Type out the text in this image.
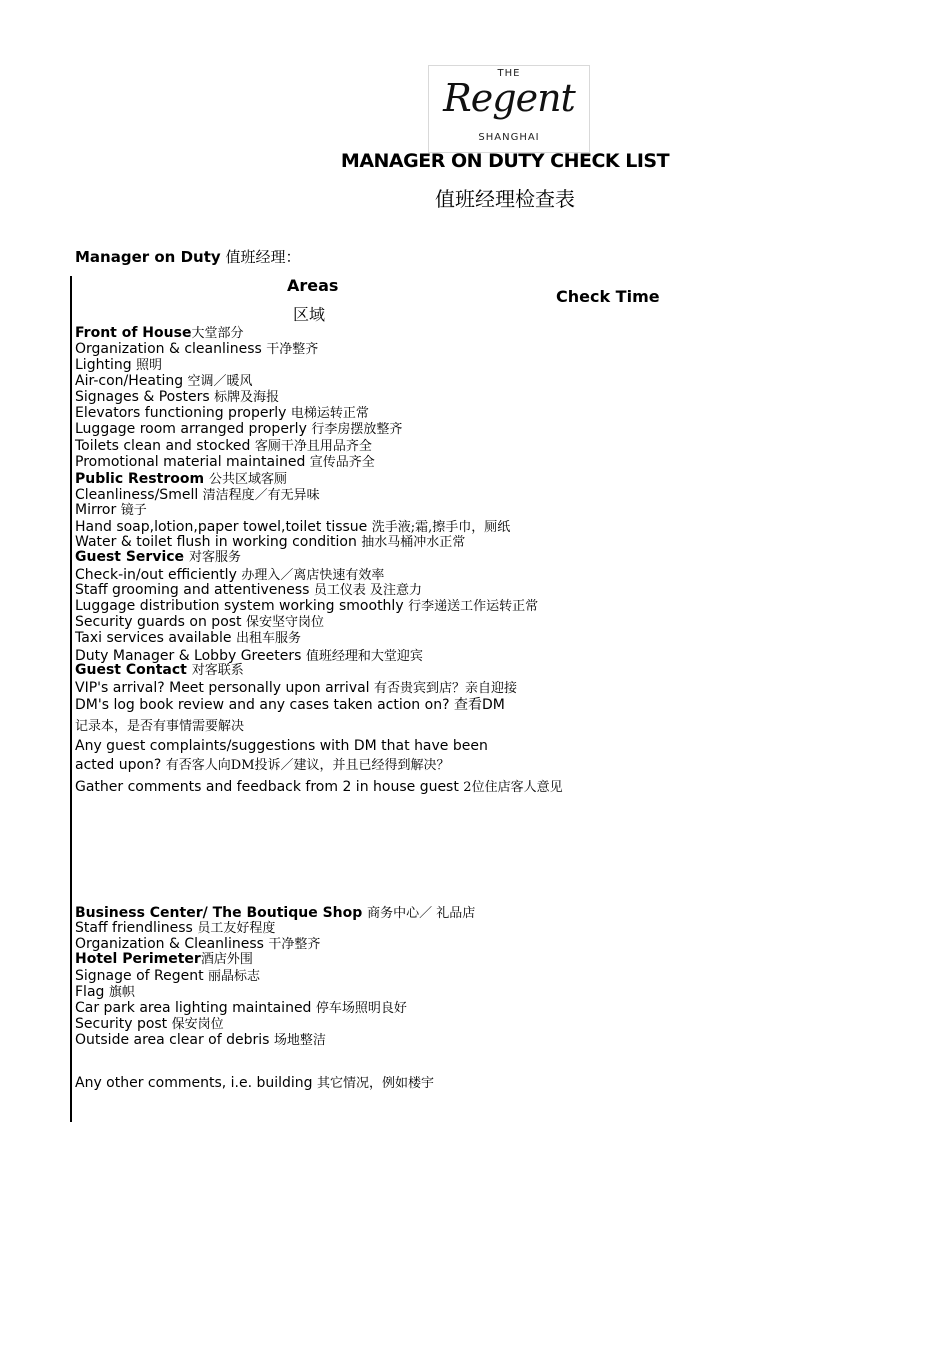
THE
Regent
SHANGHAI
MANAGER ON DUTY CHECK LIST
值班经理检查表
Manager on Duty 值班经理：
Areas
区域
Check Time
Front of House大堂部分
Organization & cleanliness 干净整齐
Lighting 照明
Air-con/Heating 空调／暖风
Signages & Posters 标牌及海报
Elevators functioning properly 电梯运转正常
Luggage room arranged properly 行李房摆放整齐
Toilets clean and stocked 客厕干净且用品齐全
Promotional material maintained 宣传品齐全
Public Restroom 公共区域客厕
Cleanliness/Smell 清洁程度／有无异味
Mirror 镜子
Hand soap,lotion,paper towel,toilet tissue 洗手液;霜,擦手巾，厕纸
Water & toilet flush in working condition 抽水马桶冲水正常
Guest Service 对客服务
Check-in/out efficiently 办理入／离店快速有效率
Staff grooming and attentiveness 员工仪表 及注意力
Luggage distribution system working smoothly 行李递送工作运转正常
Security guards on post 保安坚守岗位
Taxi services available 出租车服务
Duty Manager & Lobby Greeters 值班经理和大堂迎宾
Guest Contact 对客联系
VIP's arrival? Meet personally upon arrival 有否贵宾到店？亲自迎接
DM's log book review and any cases taken action on? 查看DM
记录本，是否有事情需要解决
Any guest complaints/suggestions with DM that have been
acted upon? 有否客人向DM投诉／建议，并且已经得到解决？
Gather comments and feedback from 2 in house guest 2位住店客人意见
Business Center/ The Boutique Shop 商务中心／ 礼品店
Staff friendliness 员工友好程度
Organization & Cleanliness 干净整齐
Hotel Perimeter酒店外围
Signage of Regent 丽晶标志
Flag 旗帜
Car park area lighting maintained 停车场照明良好
Security post 保安岗位
Outside area clear of debris 场地整洁
Any other comments, i.e. building 其它情况，例如楼宇
